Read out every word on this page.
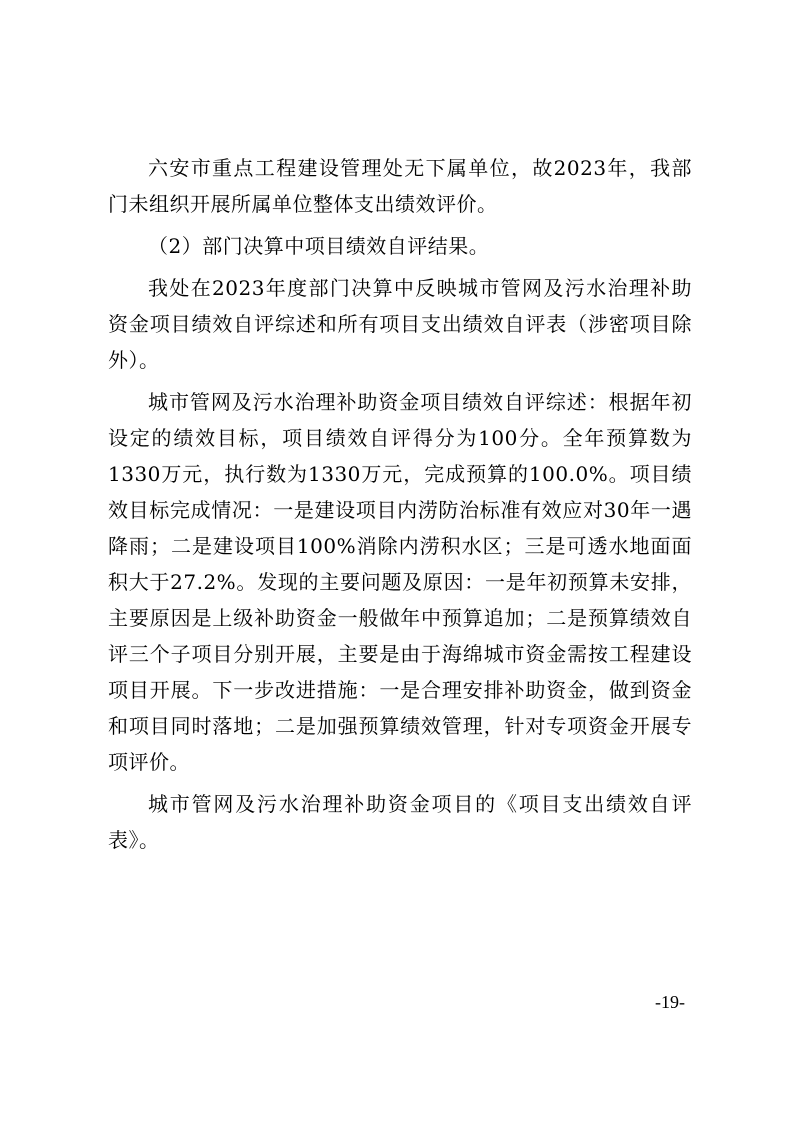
六安市重点工程建设管理处无下属单位，故2023年，我部门未组织开展所属单位整体支出绩效评价。

（2）部门决算中项目绩效自评结果。

我处在2023年度部门决算中反映城市管网及污水治理补助资金项目绩效自评综述和所有项目支出绩效自评表（涉密项目除外）。

城市管网及污水治理补助资金项目绩效自评综述：根据年初设定的绩效目标，项目绩效自评得分为100分。全年预算数为1330万元，执行数为1330万元，完成预算的100.0%。项目绩效目标完成情况：一是建设项目内涝防治标准有效应对30年一遇降雨；二是建设项目100%消除内涝积水区；三是可透水地面面积大于27.2%。发现的主要问题及原因：一是年初预算未安排，主要原因是上级补助资金一般做年中预算追加；二是预算绩效自评三个子项目分别开展，主要是由于海绵城市资金需按工程建设项目开展。下一步改进措施：一是合理安排补助资金，做到资金和项目同时落地；二是加强预算绩效管理，针对专项资金开展专项评价。

城市管网及污水治理补助资金项目的《项目支出绩效自评表》。

-19-
